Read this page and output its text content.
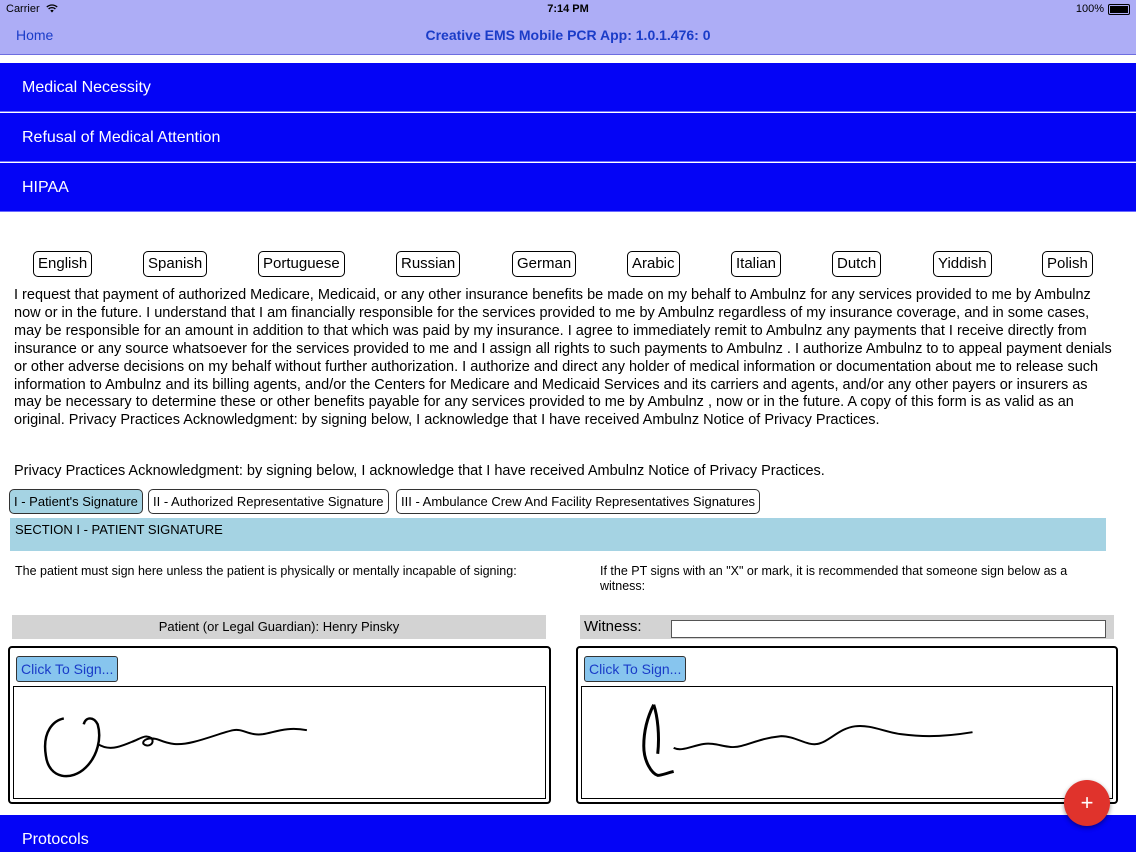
Carrier	7:14 PM	100%
Home	Creative EMS Mobile PCR App: 1.0.1.476: 0
Medical Necessity
Refusal of Medical Attention
HIPAA
English	Spanish	Portuguese	Russian	German	Arabic	Italian	Dutch	Yiddish	Polish
I request that payment of authorized Medicare, Medicaid, or any other insurance benefits be made on my behalf to Ambulnz for any services provided to me by Ambulnz now or in the future. I understand that I am financially responsible for the services provided to me by Ambulnz regardless of my insurance coverage, and in some cases, may be responsible for an amount in addition to that which was paid by my insurance. I agree to immediately remit to Ambulnz any payments that I receive directly from insurance or any source whatsoever for the services provided to me and I assign all rights to such payments to Ambulnz . I authorize Ambulnz to to appeal payment denials or other adverse decisions on my behalf without further authorization. I authorize and direct any holder of medical information or documentation about me to release such information to Ambulnz and its billing agents, and/or the Centers for Medicare and Medicaid Services and its carriers and agents, and/or any other payers or insurers as may be necessary to determine these or other benefits payable for any services provided to me by Ambulnz , now or in the future. A copy of this form is as valid as an original. Privacy Practices Acknowledgment: by signing below, I acknowledge that I have received Ambulnz Notice of Privacy Practices.
Privacy Practices Acknowledgment: by signing below, I acknowledge that I have received Ambulnz Notice of Privacy Practices.
I - Patient's Signature	II - Authorized Representative Signature	III - Ambulance Crew And Facility Representatives Signatures
SECTION I - PATIENT SIGNATURE
The patient must sign here unless the patient is physically or mentally incapable of signing:	If the PT signs with an "X" or mark, it is recommended that someone sign below as a witness:
Patient (or Legal Guardian): Henry Pinsky	Witness:
Click To Sign...	Click To Sign...
Protocols
+
